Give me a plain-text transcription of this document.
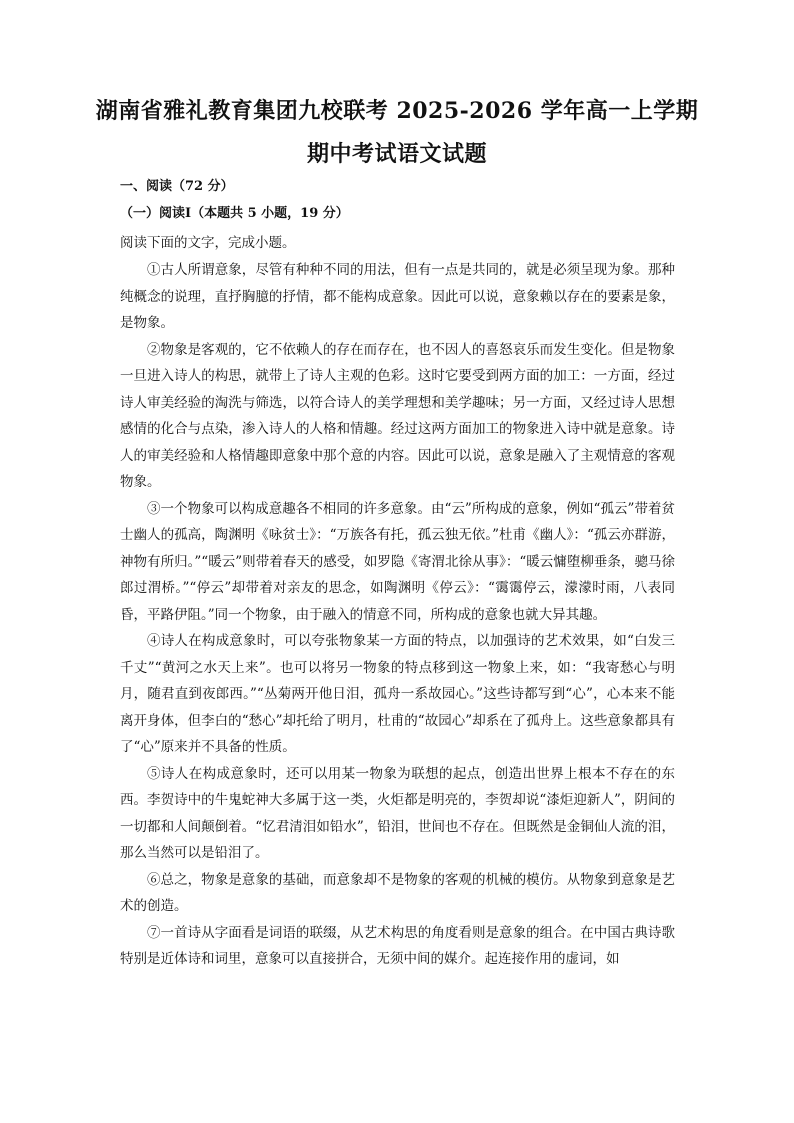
湖南省雅礼教育集团九校联考 2025-2026 学年高一上学期
期中考试语文试题
一、阅读（72 分）
（一）阅读Ⅰ（本题共 5 小题，19 分）
阅读下面的文字，完成小题。

①古人所谓意象，尽管有种种不同的用法，但有一点是共同的，就是必须呈现为象。那种纯概念的说理，直抒胸臆的抒情，都不能构成意象。因此可以说，意象赖以存在的要素是象，是物象。

②物象是客观的，它不依赖人的存在而存在，也不因人的喜怒哀乐而发生变化。但是物象一旦进入诗人的构思，就带上了诗人主观的色彩。这时它要受到两方面的加工：一方面，经过诗人审美经验的淘洗与筛选，以符合诗人的美学理想和美学趣味；另一方面，又经过诗人思想感情的化合与点染，渗入诗人的人格和情趣。经过这两方面加工的物象进入诗中就是意象。诗人的审美经验和人格情趣即意象中那个意的内容。因此可以说，意象是融入了主观情意的客观物象。

③一个物象可以构成意趣各不相同的许多意象。由“云”所构成的意象，例如“孤云”带着贫士幽人的孤高，陶渊明《咏贫士》：“万族各有托，孤云独无依。”杜甫《幽人》：“孤云亦群游，神物有所归。”“暖云”则带着春天的感受，如罗隐《寄渭北徐从事》：“暖云慵堕柳垂条，骢马徐郎过渭桥。”“停云”却带着对亲友的思念，如陶渊明《停云》：“霭霭停云，濛濛时雨，八表同昏，平路伊阻。”同一个物象，由于融入的情意不同，所构成的意象也就大异其趣。

④诗人在构成意象时，可以夸张物象某一方面的特点，以加强诗的艺术效果，如“白发三千丈”“黄河之水天上来”。也可以将另一物象的特点移到这一物象上来，如：“我寄愁心与明月，随君直到夜郎西。”“丛菊两开他日泪，孤舟一系故园心。”这些诗都写到“心”，心本来不能离开身体，但李白的“愁心”却托给了明月，杜甫的“故园心”却系在了孤舟上。这些意象都具有了“心”原来并不具备的性质。

⑤诗人在构成意象时，还可以用某一物象为联想的起点，创造出世界上根本不存在的东西。李贺诗中的牛鬼蛇神大多属于这一类，火炬都是明亮的，李贺却说“漆炬迎新人”，阴间的一切都和人间颠倒着。“忆君清泪如铅水”，铅泪，世间也不存在。但既然是金铜仙人流的泪，那么当然可以是铅泪了。

⑥总之，物象是意象的基础，而意象却不是物象的客观的机械的模仿。从物象到意象是艺术的创造。

⑦一首诗从字面看是词语的联缀，从艺术构思的角度看则是意象的组合。在中国古典诗歌特别是近体诗和词里，意象可以直接拼合，无须中间的媒介。起连接作用的虚词，如
